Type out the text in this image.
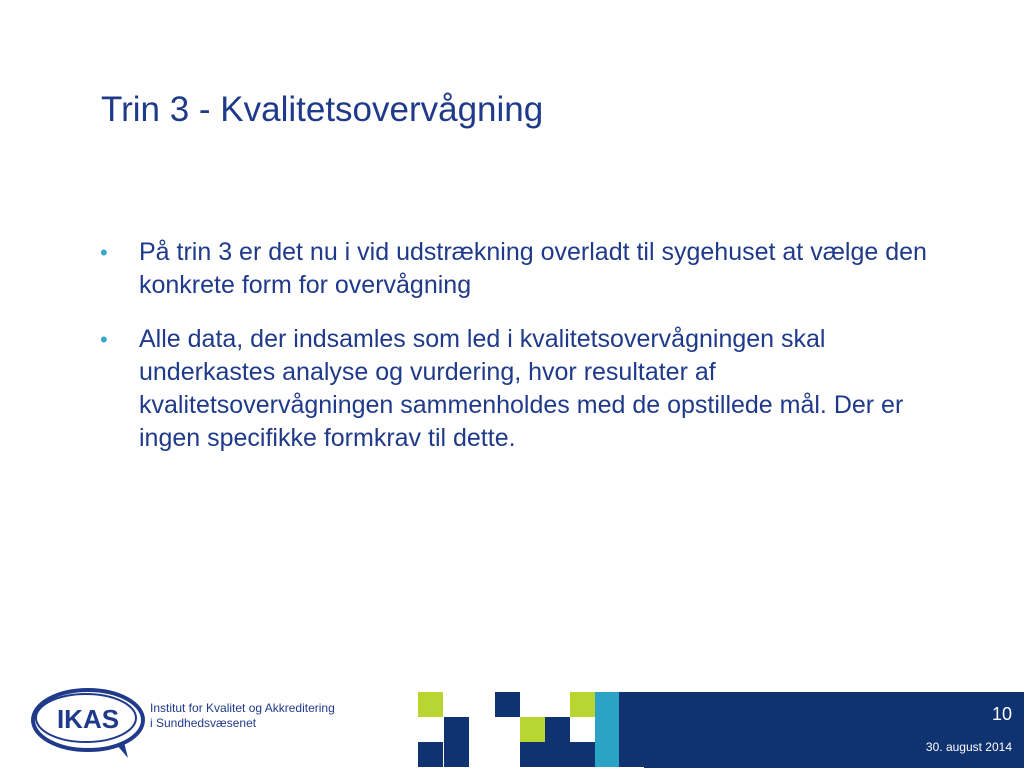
Trin 3 - Kvalitetsovervågning
• På trin 3 er det nu i vid udstrækning overladt til sygehuset at vælge den konkrete form for overvågning
• Alle data, der indsamles som led i kvalitetsovervågningen skal underkastes analyse og vurdering, hvor resultater af kvalitetsovervågningen sammenholdes med de opstillede mål. Der er ingen specifikke formkrav til dette.
IKAS	Institut for Kvalitet og Akkreditering
i Sundhedsvæsenet	10
30. august 2014
